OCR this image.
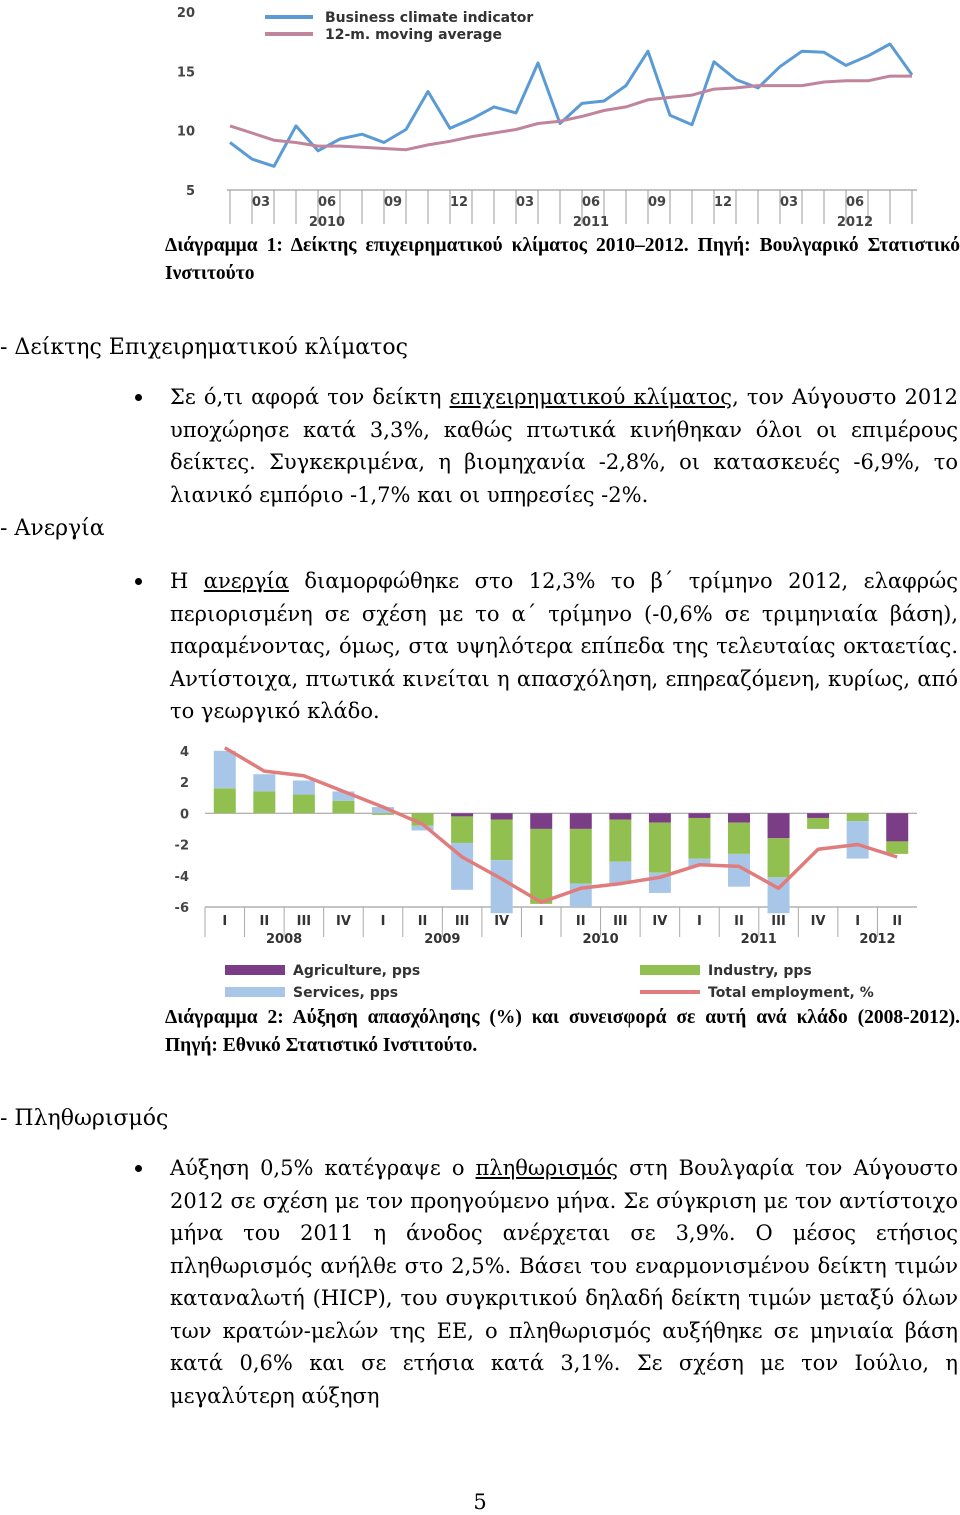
5
10
15
20
03	06	09	12	03	06	09	12	03	06
2010	2011	2012
Business climate indicator
12-m. moving average
Διάγραμμα 1: Δείκτης επιχειρηματικού κλίματος 2010–2012. Πηγή: Βουλγαρικό Στατιστικό Ινστιτούτο
- Δείκτης Επιχειρηματικού κλίματος
Σε ό,τι αφορά τον δείκτη επιχειρηματικού κλίματος, τον Αύγουστο 2012 υποχώρησε κατά 3,3%, καθώς πτωτικά κινήθηκαν όλοι οι επιμέρους δείκτες. Συγκεκριμένα, η βιομηχανία -2,8%, οι κατασκευές -6,9%, το λιανικό εμπόριο -1,7% και οι υπηρεσίες -2%.
- Ανεργία
Η ανεργία διαμορφώθηκε στο 12,3% το β΄ τρίμηνο 2012, ελαφρώς περιορισμένη σε σχέση με το α΄ τρίμηνο (-0,6% σε τριμηνιαία βάση), παραμένοντας, όμως, στα υψηλότερα επίπεδα της τελευταίας οκταετίας. Αντίστοιχα, πτωτικά κινείται η απασχόληση, επηρεαζόμενη, κυρίως, από το γεωργικό κλάδο.
4
2
0
-2
-4
-6
I II III IV I II III IV I II III IV I II III IV I II
2008	2009	2010	2011	2012
Agriculture, pps	Industry, pps
Services, pps	Total employment, %
Διάγραμμα 2: Αύξηση απασχόλησης (%) και συνεισφορά σε αυτή ανά κλάδο (2008-2012). Πηγή: Εθνικό Στατιστικό Ινστιτούτο.
- Πληθωρισμός
Αύξηση 0,5% κατέγραψε ο πληθωρισμός στη Βουλγαρία τον Αύγουστο 2012 σε σχέση με τον προηγούμενο μήνα. Σε σύγκριση με τον αντίστοιχο μήνα του 2011 η άνοδος ανέρχεται σε 3,9%. Ο μέσος ετήσιος πληθωρισμός ανήλθε στο 2,5%. Βάσει του εναρμονισμένου δείκτη τιμών καταναλωτή (HICP), του συγκριτικού δηλαδή δείκτη τιμών μεταξύ όλων των κρατών-μελών της ΕΕ, ο πληθωρισμός αυξήθηκε σε μηνιαία βάση κατά 0,6% και σε ετήσια κατά 3,1%. Σε σχέση με τον Ιούλιο, η μεγαλύτερη αύξηση
5
